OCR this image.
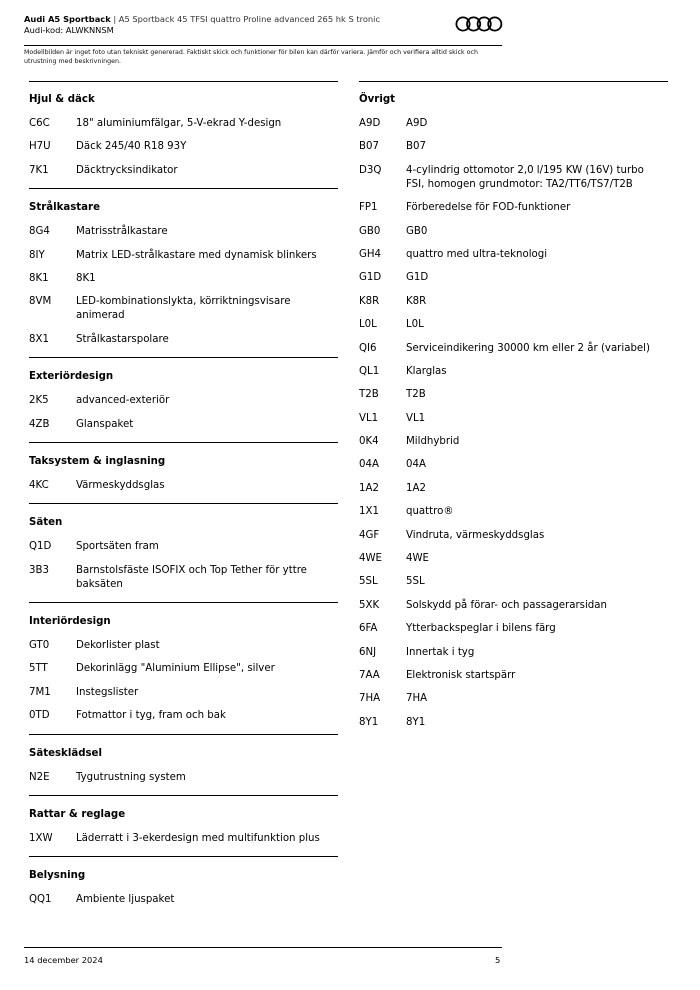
Audi A5 Sportback | A5 Sportback 45 TFSI quattro Proline advanced 265 hk S tronic
Audi-kod: ALWKNNSM
Modellbilden är inget foto utan tekniskt genererad. Faktiskt skick och funktioner för bilen kan därför variera. Jämför och verifiera alltid skick och utrustning med beskrivningen.
Hjul & däck
C6C	18" aluminiumfälgar, 5-V-ekrad Y-design
H7U	Däck 245/40 R18 93Y
7K1	Däcktrycksindikator
Strålkastare
8G4	Matrisstrålkastare
8IY	Matrix LED-strålkastare med dynamisk blinkers
8K1	8K1
8VM	LED-kombinationslykta, körriktningsvisare animerad
8X1	Strålkastarspolare
Exteriördesign
2K5	advanced-exteriör
4ZB	Glanspaket
Taksystem & inglasning
4KC	Värmeskyddsglas
Säten
Q1D	Sportsäten fram
3B3	Barnstolsfäste ISOFIX och Top Tether för yttre baksäten
Interiördesign
GT0	Dekorlister plast
5TT	Dekorinlägg "Aluminium Ellipse", silver
7M1	Instegslister
0TD	Fotmattor i tyg, fram och bak
Sätesklädsel
N2E	Tygutrustning system
Rattar & reglage
1XW	Läderratt i 3-ekerdesign med multifunktion plus
Belysning
QQ1	Ambiente ljuspaket
Övrigt
A9D	A9D
B07	B07
D3Q	4-cylindrig ottomotor 2,0 l/195 KW (16V) turbo FSI, homogen grundmotor: TA2/TT6/TS7/T2B
FP1	Förberedelse för FOD-funktioner
GB0	GB0
GH4	quattro med ultra-teknologi
G1D	G1D
K8R	K8R
L0L	L0L
QI6	Serviceindikering 30000 km eller 2 år (variabel)
QL1	Klarglas
T2B	T2B
VL1	VL1
0K4	Mildhybrid
04A	04A
1A2	1A2
1X1	quattro®
4GF	Vindruta, värmeskyddsglas
4WE	4WE
5SL	5SL
5XK	Solskydd på förar- och passagerarsidan
6FA	Ytterbackspeglar i bilens färg
6NJ	Innertak i tyg
7AA	Elektronisk startspärr
7HA	7HA
8Y1	8Y1
14 december 2024	5
